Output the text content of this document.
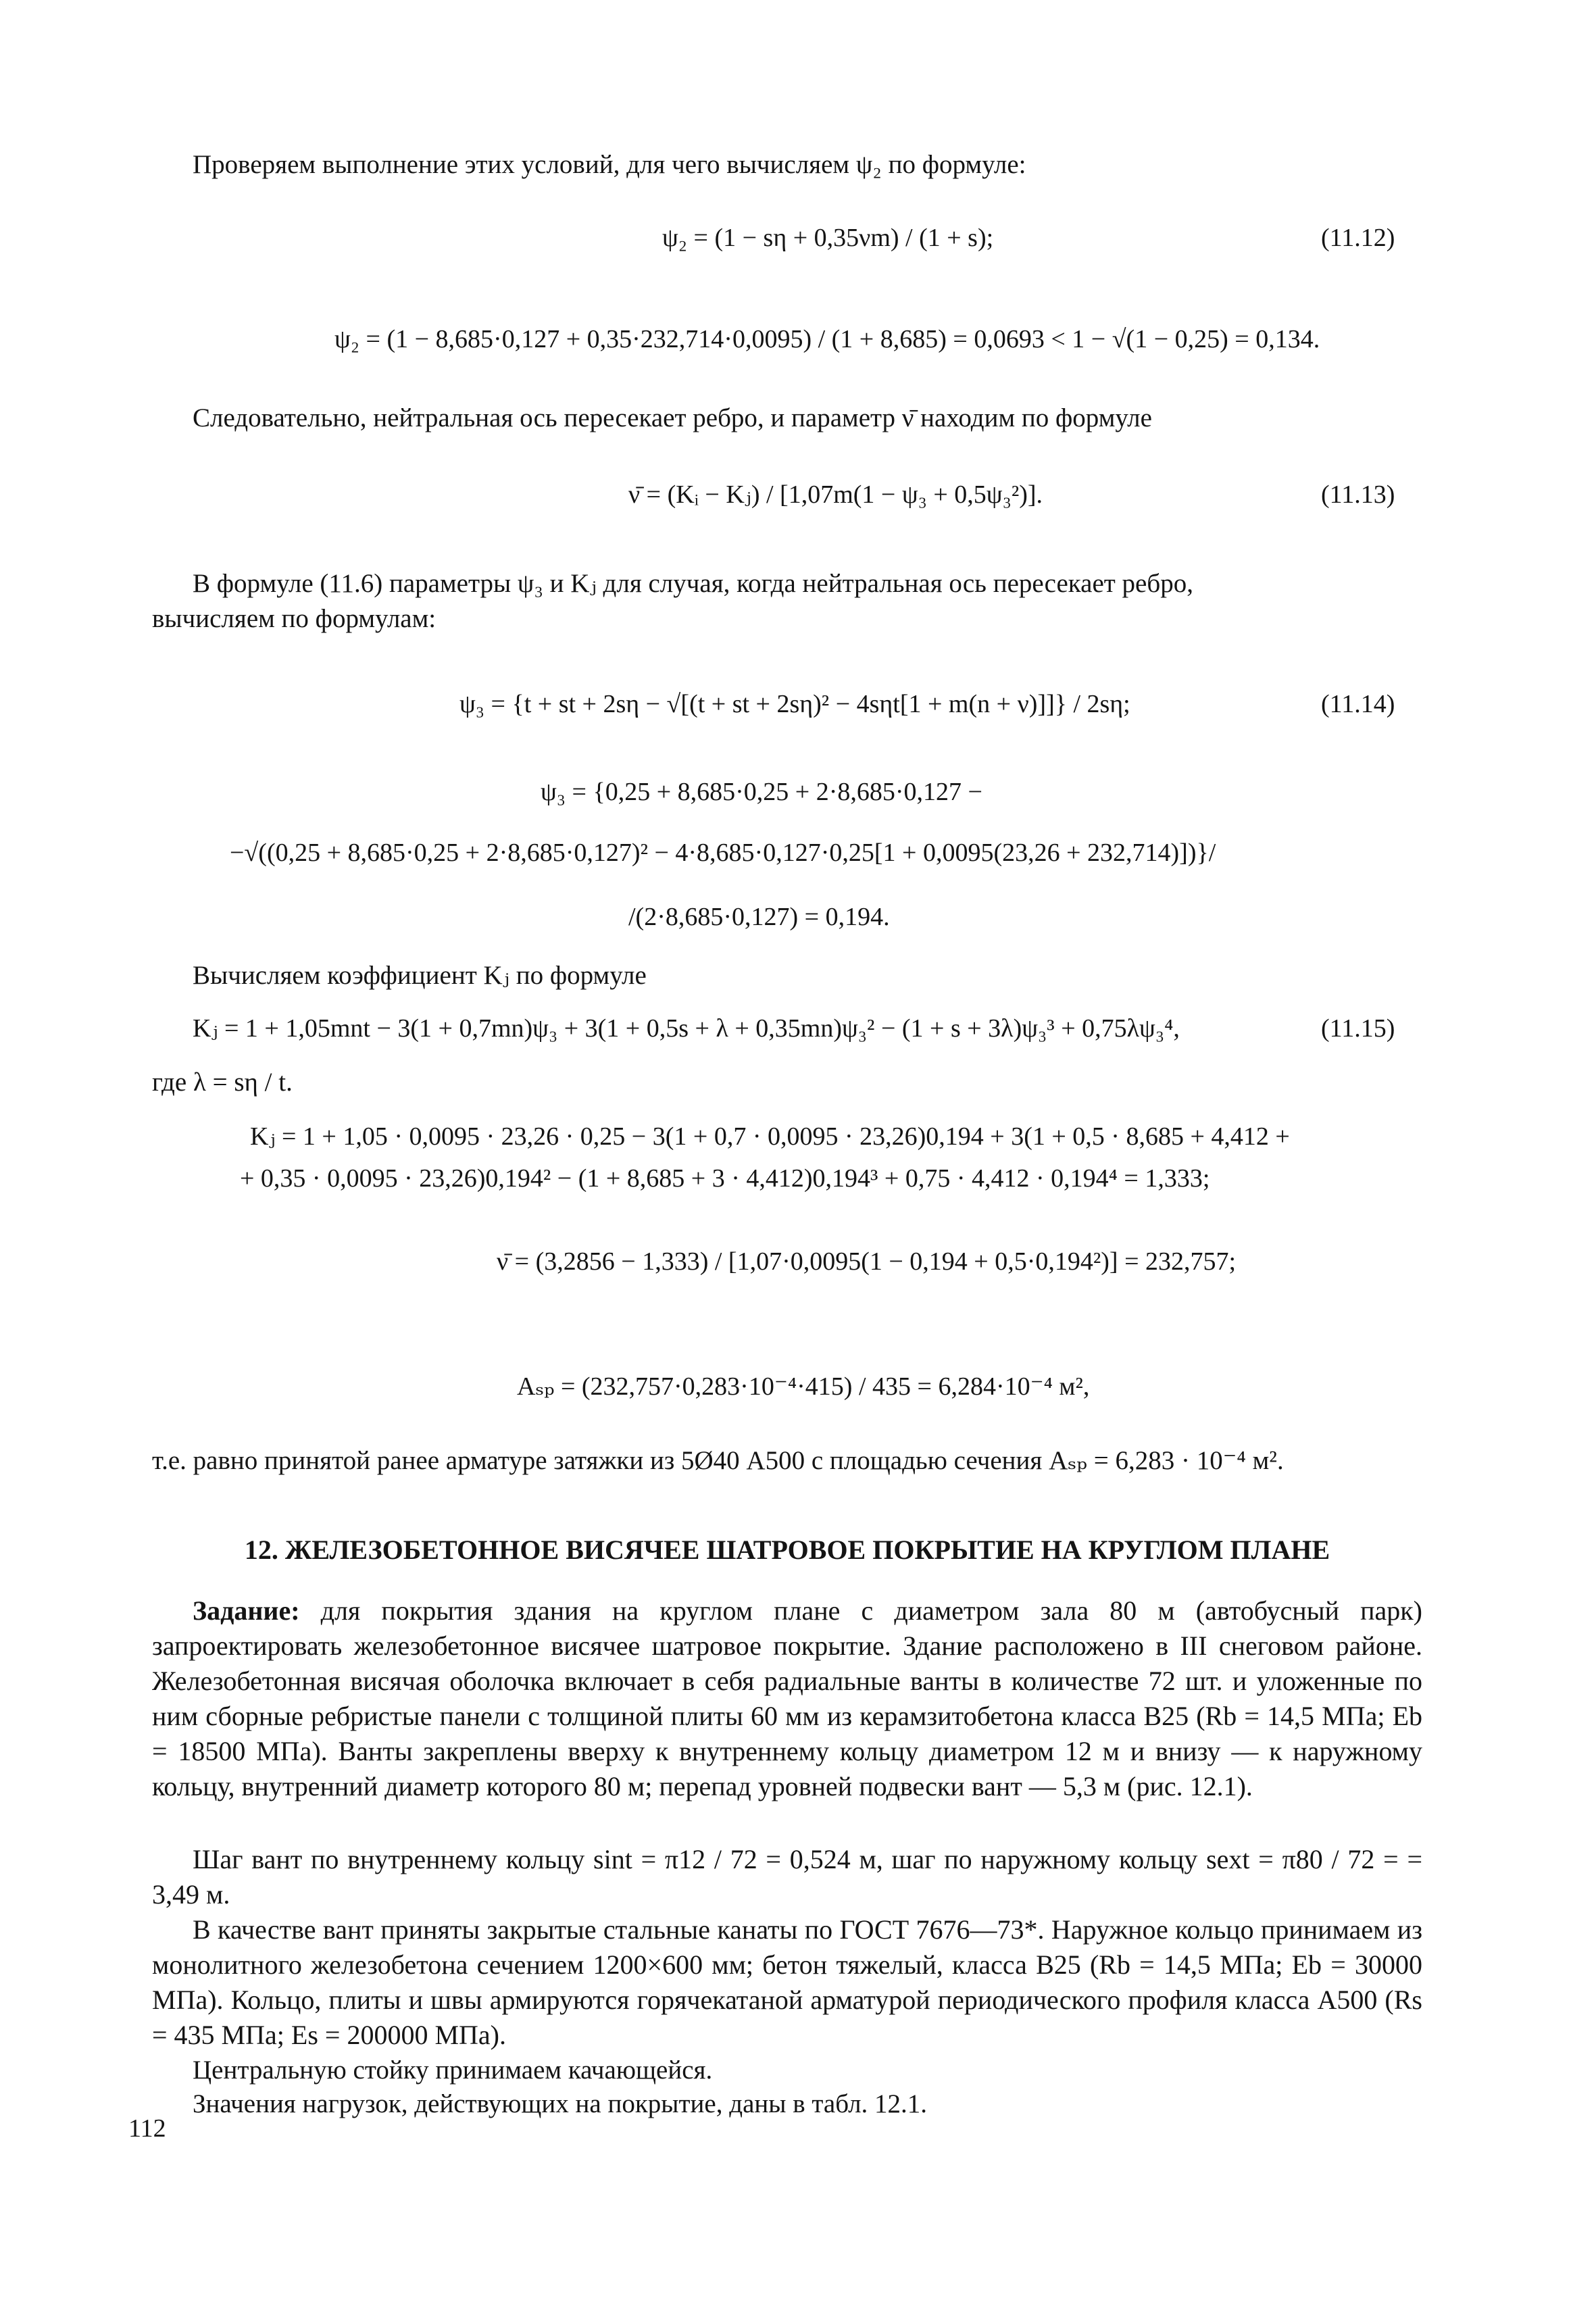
Проверяем выполнение этих условий, для чего вычисляем ψ₂ по формуле:
ψ₂ = (1 − sη + 0,35νm) / (1 + s);	(11.12)
ψ₂ = (1 − 8,685·0,127 + 0,35·232,714·0,0095) / (1 + 8,685) = 0,0693 < 1 − √(1 − 0,25) = 0,134.
Следовательно, нейтральная ось пересекает ребро, и параметр ν̄ находим по формуле
ν̄ = (Kᵢ − Kⱼ) / [1,07m(1 − ψ₃ + 0,5ψ₃²)].	(11.13)
В формуле (11.6) параметры ψ₃ и Kⱼ для случая, когда нейтральная ось пересекает ребро,
вычисляем по формулам:
ψ₃ = {t + st + 2sη − √[(t + st + 2sη)² − 4sηt[1 + m(n + ν)]]} / 2sη;	(11.14)
ψ₃ = {0,25 + 8,685·0,25 + 2·8,685·0,127 −
−√((0,25 + 8,685·0,25 + 2·8,685·0,127)² − 4·8,685·0,127·0,25[1 + 0,0095(23,26 + 232,714)])}/
/(2·8,685·0,127) = 0,194.
Вычисляем коэффициент Kⱼ по формуле
Kⱼ = 1 + 1,05mnt − 3(1 + 0,7mn)ψ₃ + 3(1 + 0,5s + λ + 0,35mn)ψ₃² − (1 + s + 3λ)ψ₃³ + 0,75λψ₃⁴,	(11.15)
где λ = sη / t.
Kⱼ = 1 + 1,05 · 0,0095 · 23,26 · 0,25 − 3(1 + 0,7 · 0,0095 · 23,26)0,194 + 3(1 + 0,5 · 8,685 + 4,412 +
+ 0,35 · 0,0095 · 23,26)0,194² − (1 + 8,685 + 3 · 4,412)0,194³ + 0,75 · 4,412 · 0,194⁴ = 1,333;
ν̄ = (3,2856 − 1,333) / [1,07·0,0095(1 − 0,194 + 0,5·0,194²)] = 232,757;
Aₛₚ = (232,757·0,283·10⁻⁴·415) / 435 = 6,284·10⁻⁴ м²,
т.е. равно принятой ранее арматуре затяжки из 5Ø40 А500 с площадью сечения Aₛₚ = 6,283 · 10⁻⁴ м².
12. ЖЕЛЕЗОБЕТОННОЕ ВИСЯЧЕЕ ШАТРОВОЕ ПОКРЫТИЕ НА КРУГЛОМ ПЛАНЕ
Задание: для покрытия здания на круглом плане с диаметром зала 80 м (автобусный парк) запроектировать железобетонное висячее шатровое покрытие. Здание расположено в III снеговом районе. Железобетонная висячая оболочка включает в себя радиальные ванты в количестве 72 шт. и уложенные по ним сборные ребристые панели с толщиной плиты 60 мм из керамзитобетона класса В25 (Rb = 14,5 МПа; Eb = 18500 МПа). Ванты закреплены вверху к внутреннему кольцу диаметром 12 м и внизу — к наружному кольцу, внутренний диаметр которого 80 м; перепад уровней подвески вант — 5,3 м (рис. 12.1).
Шаг вант по внутреннему кольцу sint = π12 / 72 = 0,524 м, шаг по наружному кольцу sext = π80 / 72 = = 3,49 м.
В качестве вант приняты закрытые стальные канаты по ГОСТ 7676—73*. Наружное кольцо принимаем из монолитного железобетона сечением 1200×600 мм; бетон тяжелый, класса В25 (Rb = 14,5 МПа; Eb = 30000 МПа). Кольцо, плиты и швы армируются горячекатаной арматурой периодического профиля класса А500 (Rs = 435 МПа; Es = 200000 МПа).
Центральную стойку принимаем качающейся.
Значения нагрузок, действующих на покрытие, даны в табл. 12.1.
112
